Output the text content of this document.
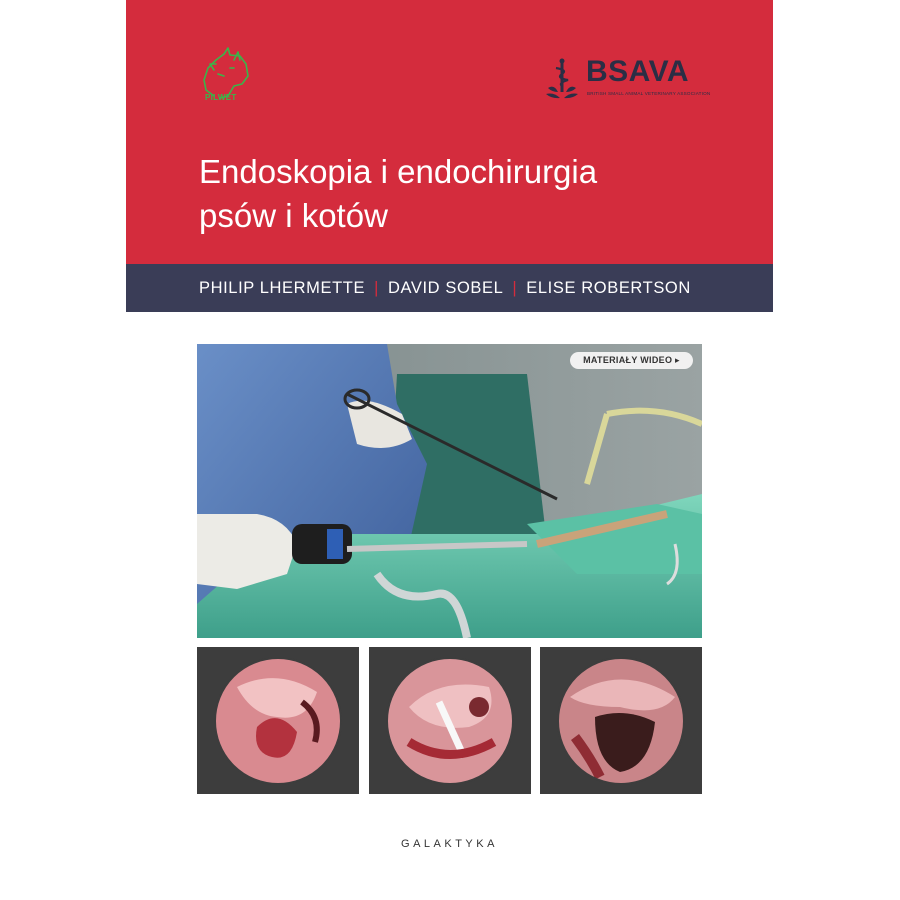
PILWET
BSAVA
BRITISH SMALL ANIMAL VETERINARY ASSOCIATION
Endoskopia i endochirurgia
psów i kotów
PHILIP LHERMETTE | DAVID SOBEL | ELISE ROBERTSON
MATERIAŁY WIDEO ▸
GALAKTYKA
